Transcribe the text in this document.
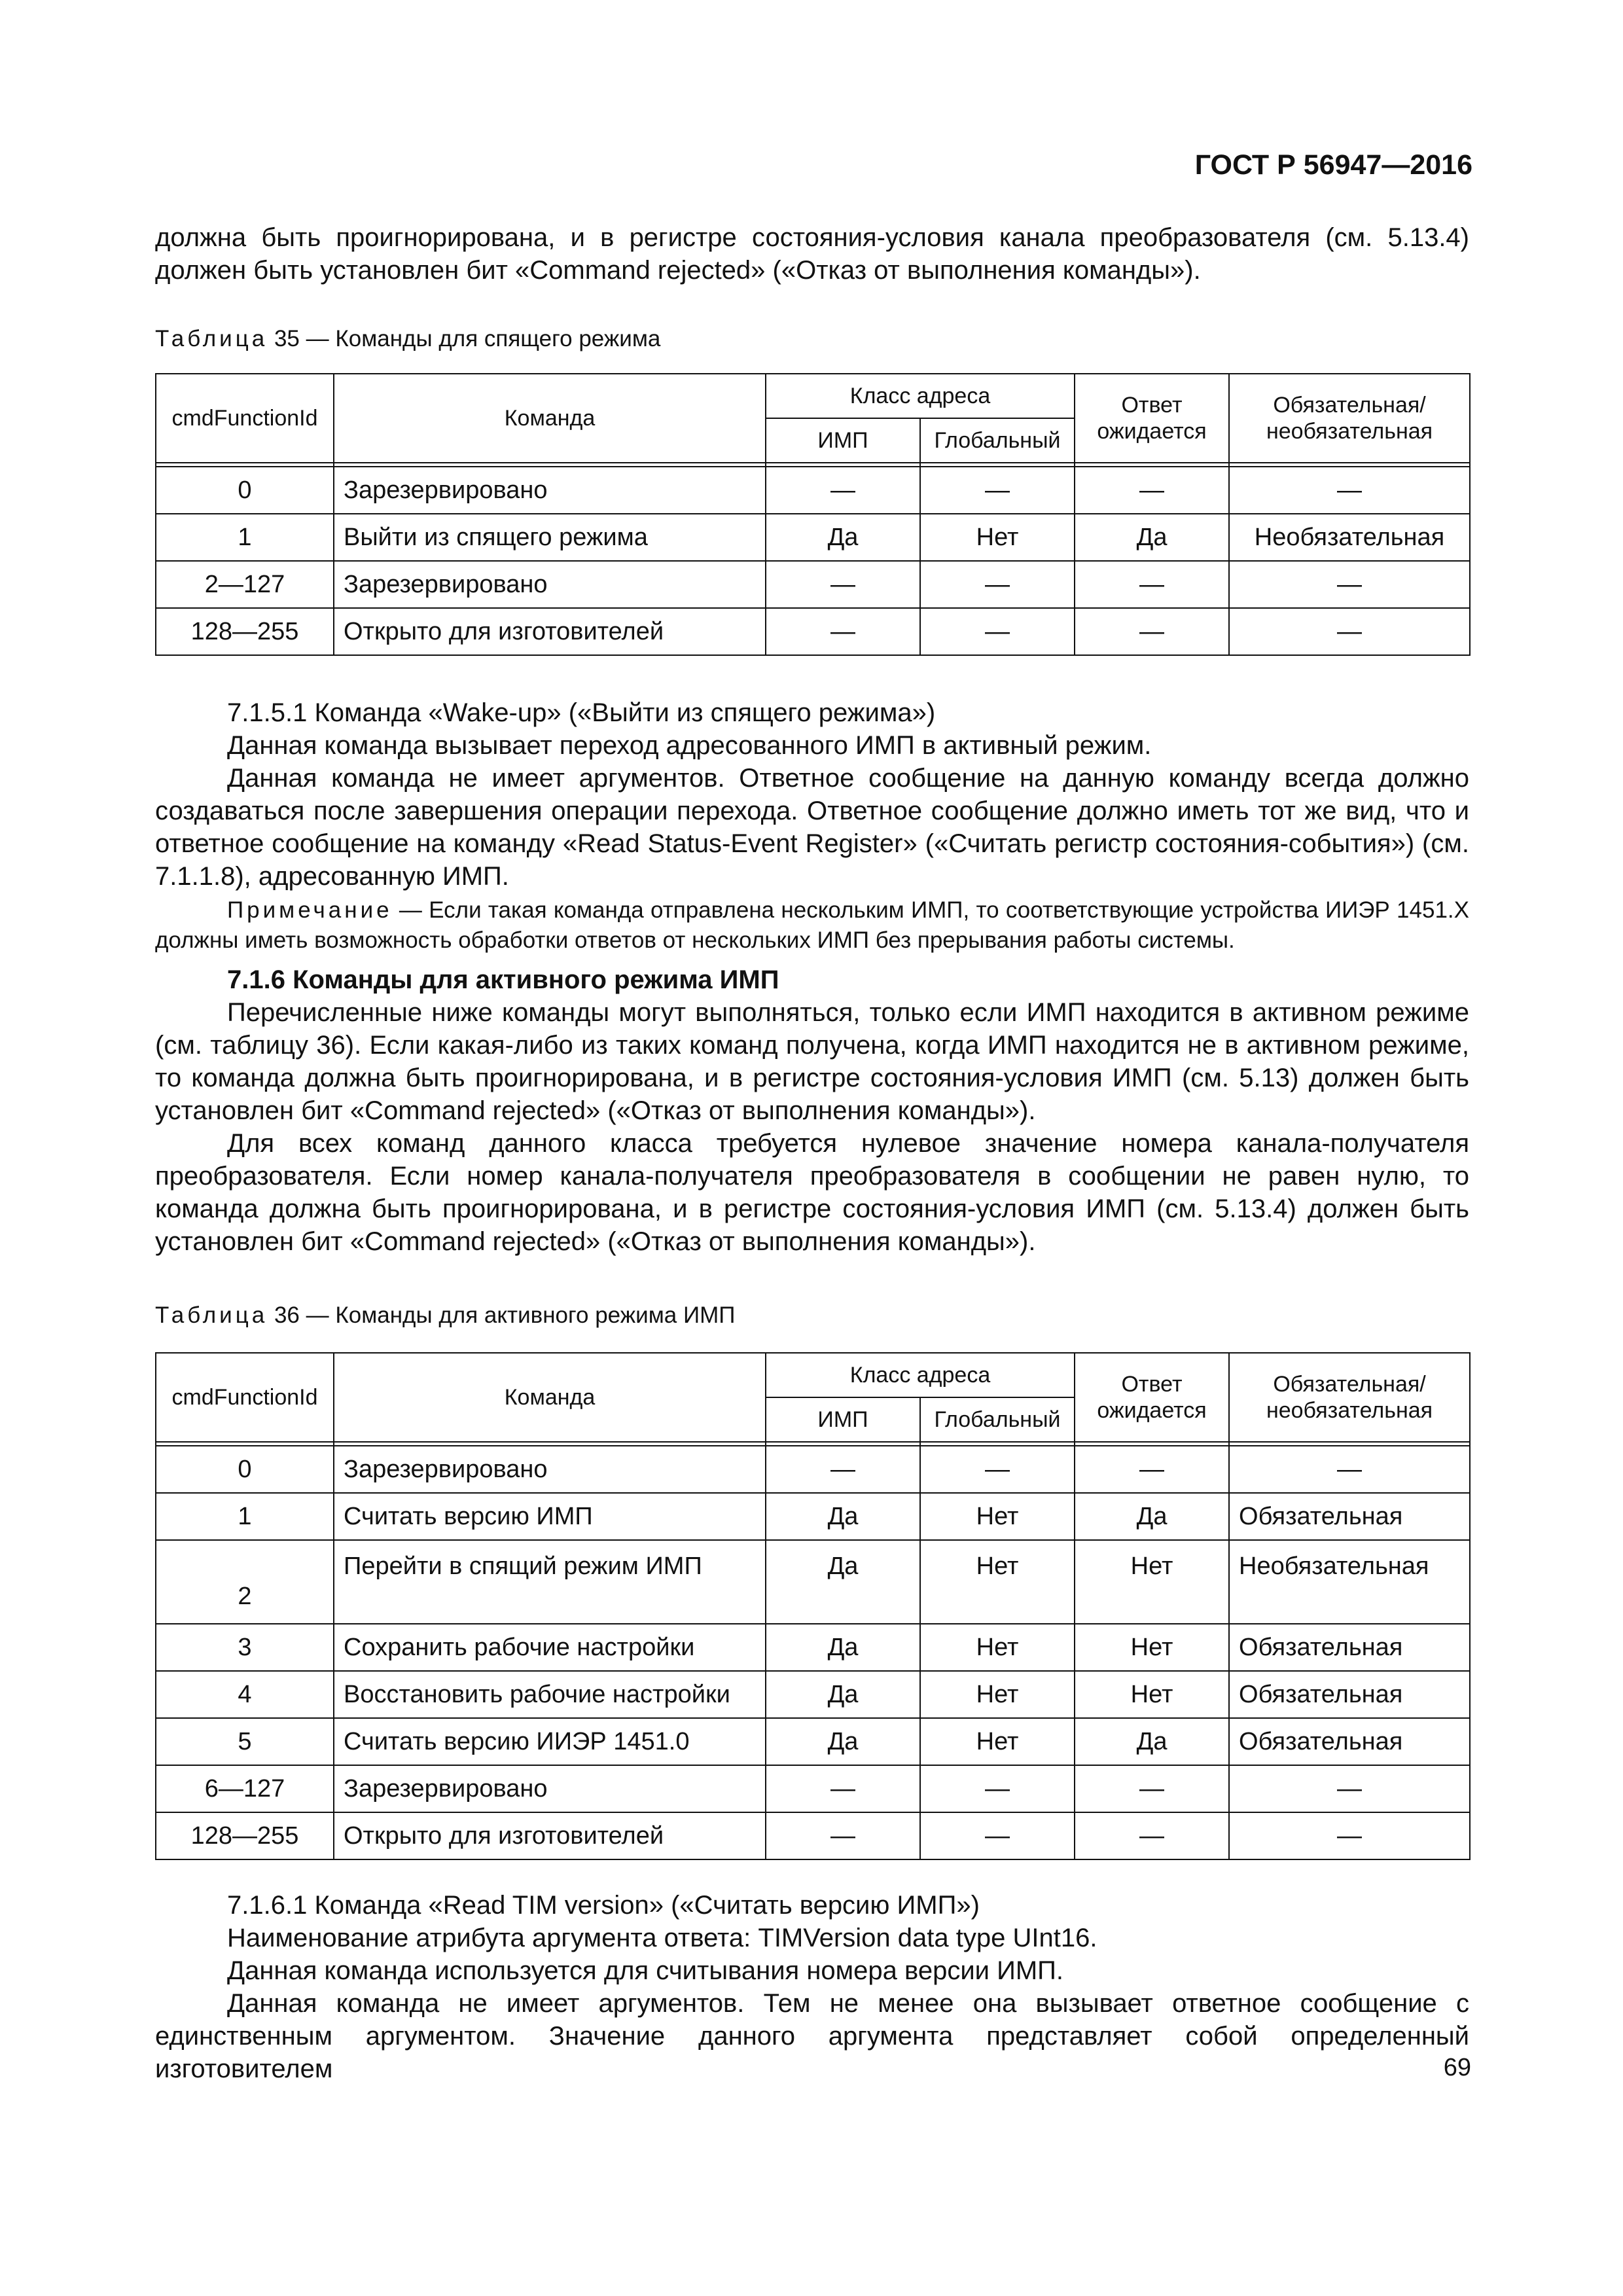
ГОСТ Р 56947—2016

должна быть проигнорирована, и в регистре состояния-условия канала преобразователя (см. 5.13.4) должен быть установлен бит «Command rejected» («Отказ от выполнения команды»).

Таблица 35 — Команды для спящего режима

cmdFunctionId	Команда	Класс адреса		Ответ ожидается	Обязательная/ необязательная
		ИМП	Глобальный		

0	Зарезервировано	—	—	—	—
1	Выйти из спящего режима	Да	Нет	Да	Необязательная
2—127	Зарезервировано	—	—	—	—
128—255	Открыто для изготовителей	—	—	—	—

7.1.5.1 Команда «Wake-up» («Выйти из спящего режима»)

Данная команда вызывает переход адресованного ИМП в активный режим.

Данная команда не имеет аргументов. Ответное сообщение на данную команду всегда должно создаваться после завершения операции перехода. Ответное сообщение должно иметь тот же вид, что и ответное сообщение на команду «Read Status-Event Register» («Считать регистр состояния-события») (см. 7.1.1.8), адресованную ИМП.

Примечание — Если такая команда отправлена нескольким ИМП, то соответствующие устройства ИИЭР 1451.X должны иметь возможность обработки ответов от нескольких ИМП без прерывания работы системы.

7.1.6 Команды для активного режима ИМП

Перечисленные ниже команды могут выполняться, только если ИМП находится в активном режиме (см. таблицу 36). Если какая-либо из таких команд получена, когда ИМП находится не в активном режиме, то команда должна быть проигнорирована, и в регистре состояния-условия ИМП (см. 5.13) должен быть установлен бит «Command rejected» («Отказ от выполнения команды»).

Для всех команд данного класса требуется нулевое значение номера канала-получателя преобразователя. Если номер канала-получателя преобразователя в сообщении не равен нулю, то команда должна быть проигнорирована, и в регистре состояния-условия ИМП (см. 5.13.4) должен быть установлен бит «Command rejected» («Отказ от выполнения команды»).

Таблица 36 — Команды для активного режима ИМП

cmdFunctionId	Команда	Класс адреса		Ответ ожидается	Обязательная/ необязательная
		ИМП	Глобальный		

0	Зарезервировано	—	—	—	—
1	Считать версию ИМП	Да	Нет	Да	Обязательная
2	Перейти в спящий режим ИМП	Да	Нет	Нет	Необязательная
3	Сохранить рабочие настройки	Да	Нет	Нет	Обязательная
4	Восстановить рабочие настройки	Да	Нет	Нет	Обязательная
5	Считать версию ИИЭР 1451.0	Да	Нет	Да	Обязательная
6—127	Зарезервировано	—	—	—	—
128—255	Открыто для изготовителей	—	—	—	—

7.1.6.1 Команда «Read TIM version» («Считать версию ИМП»)

Наименование атрибута аргумента ответа: TIMVersion data type UInt16.

Данная команда используется для считывания номера версии ИМП.

Данная команда не имеет аргументов. Тем не менее она вызывает ответное сообщение с единственным аргументом. Значение данного аргумента представляет собой определенный изготовителем	69
